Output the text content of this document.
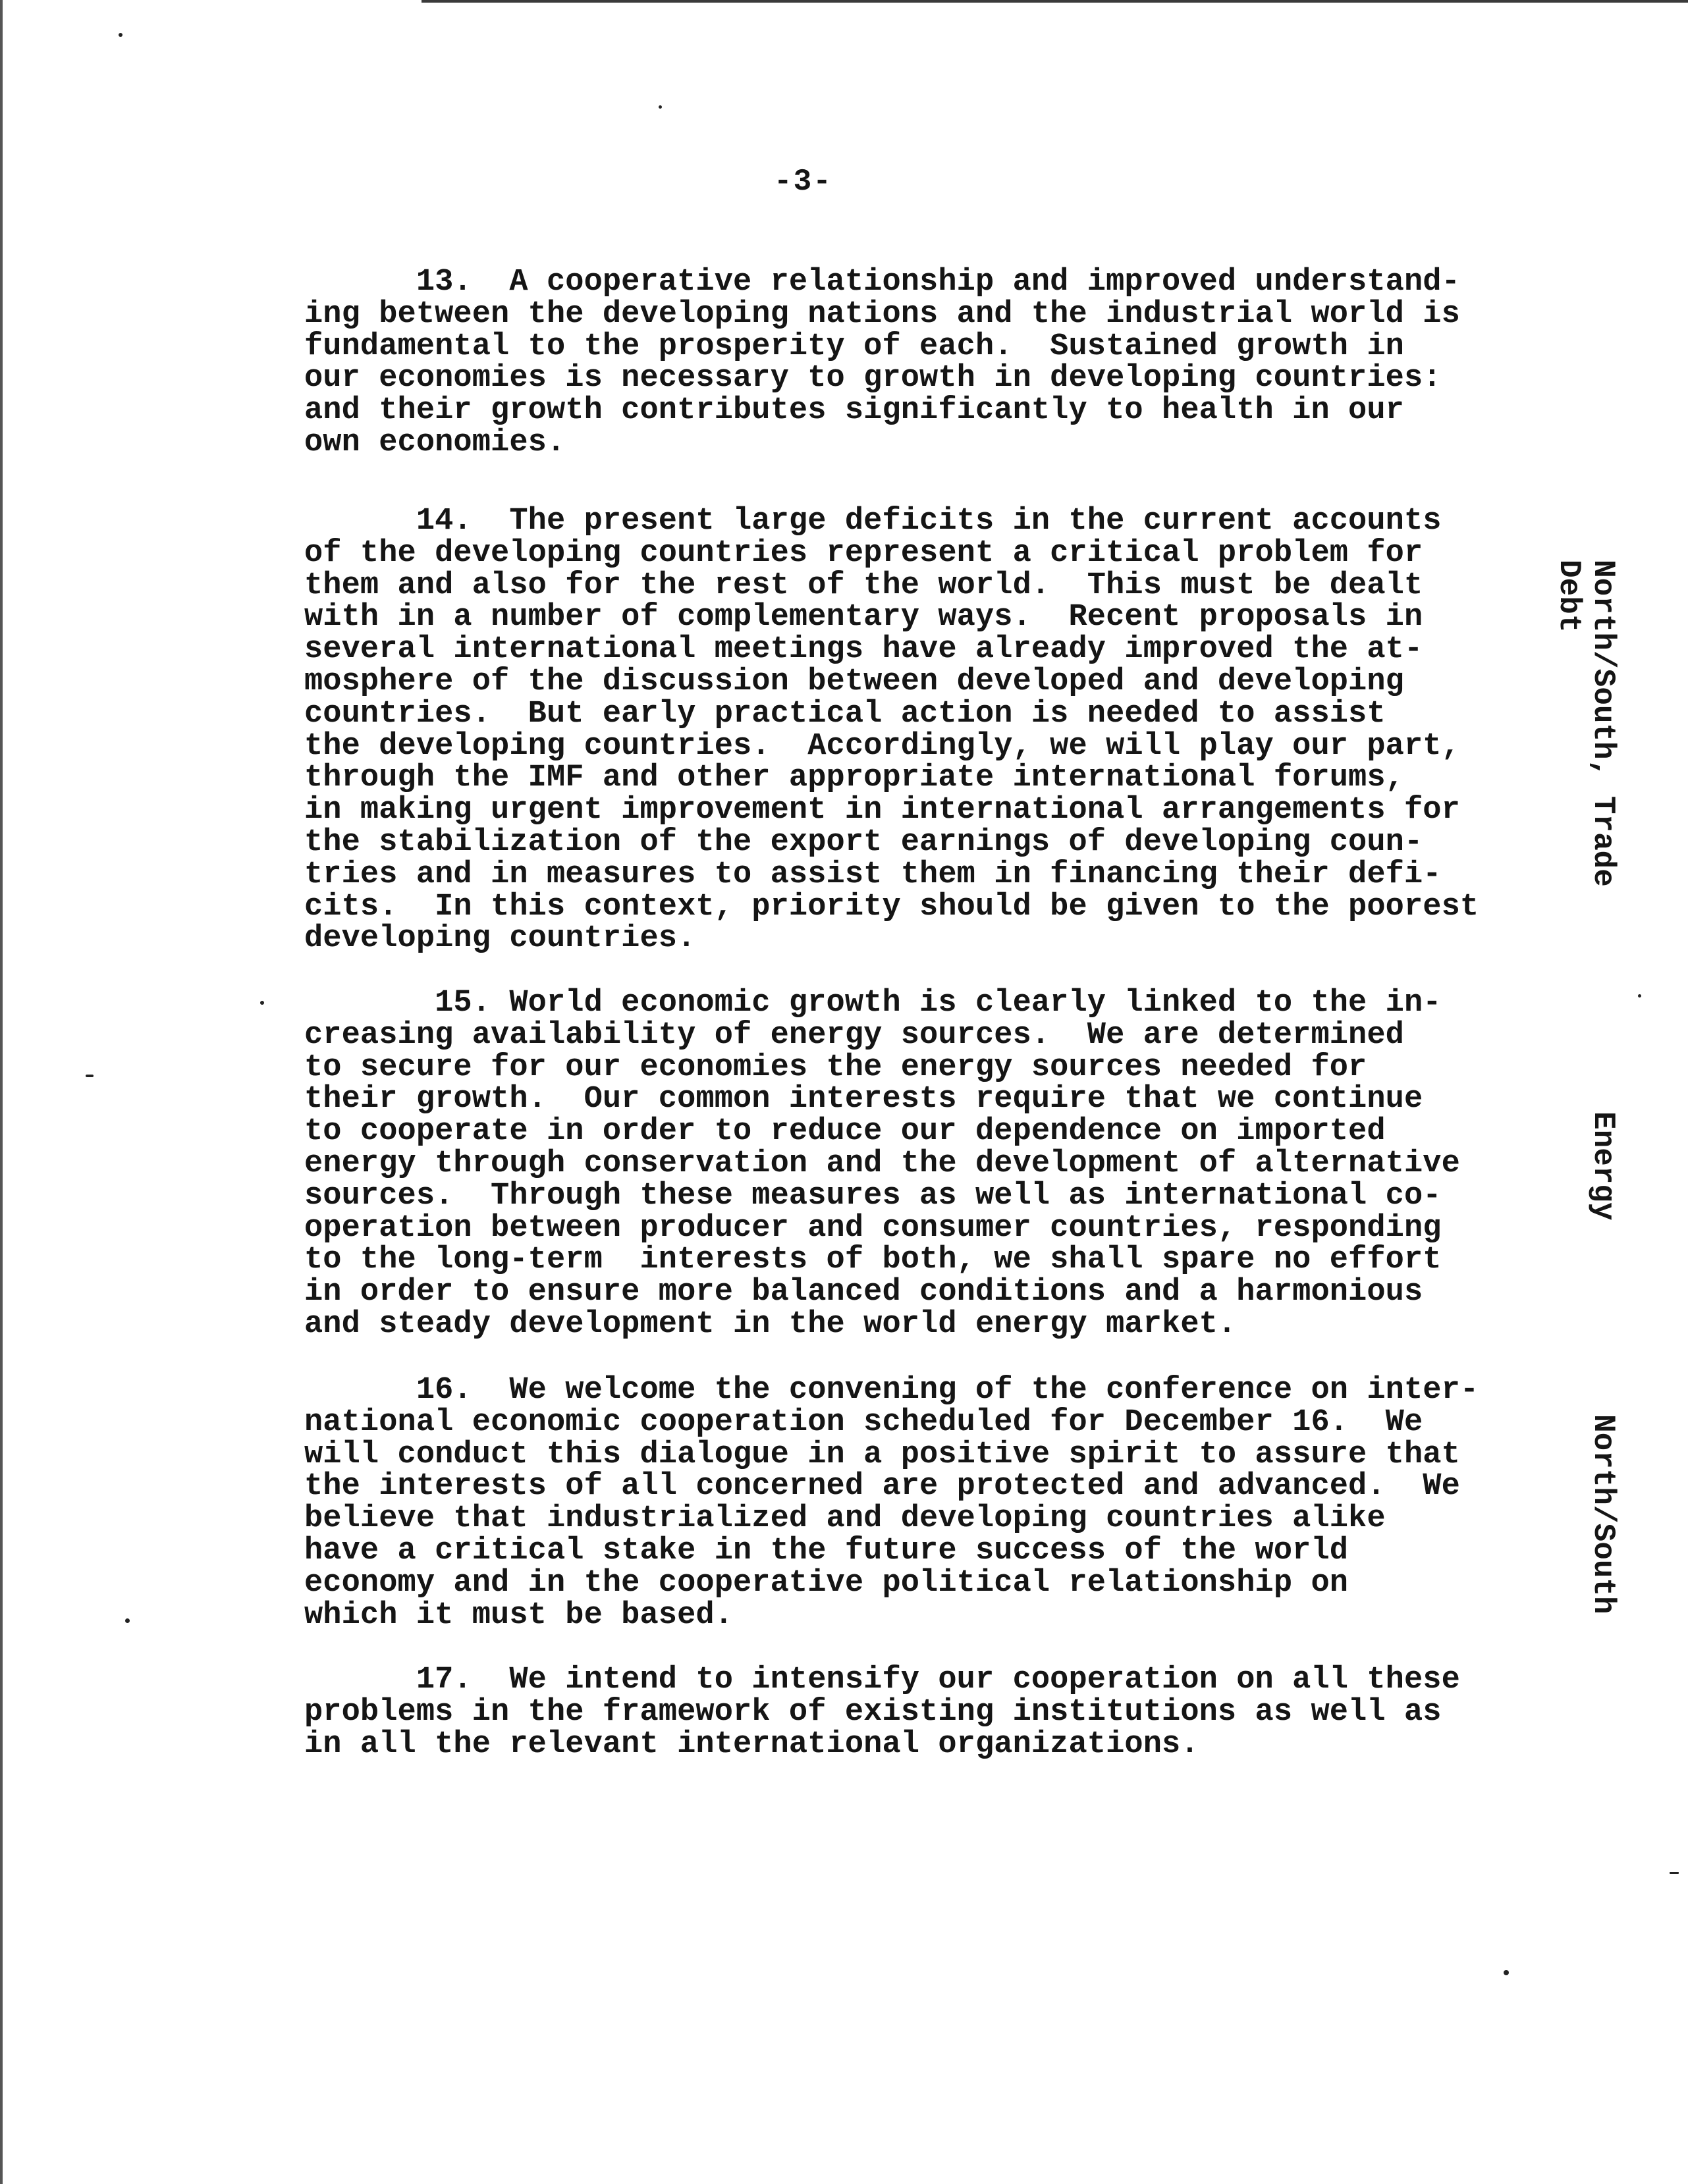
-3-

13.  A cooperative relationship and improved understand-
ing between the developing nations and the industrial world is
fundamental to the prosperity of each.  Sustained growth in
our economies is necessary to growth in developing countries:
and their growth contributes significantly to health in our
own economies.

14.  The present large deficits in the current accounts
of the developing countries represent a critical problem for
them and also for the rest of the world.  This must be dealt
with in a number of complementary ways.  Recent proposals in
several international meetings have already improved the at-
mosphere of the discussion between developed and developing
countries.  But early practical action is needed to assist
the developing countries.  Accordingly, we will play our part,
through the IMF and other appropriate international forums,
in making urgent improvement in international arrangements for
the stabilization of the export earnings of developing coun-
tries and in measures to assist them in financing their defi-
cits.  In this context, priority should be given to the poorest
developing countries.

15. World economic growth is clearly linked to the in-
creasing availability of energy sources.  We are determined
to secure for our economies the energy sources needed for
their growth.  Our common interests require that we continue
to cooperate in order to reduce our dependence on imported
energy through conservation and the development of alternative
sources.  Through these measures as well as international co-
operation between producer and consumer countries, responding
to the long-term  interests of both, we shall spare no effort
in order to ensure more balanced conditions and a harmonious
and steady development in the world energy market.

16.  We welcome the convening of the conference on inter-
national economic cooperation scheduled for December 16.  We
will conduct this dialogue in a positive spirit to assure that
the interests of all concerned are protected and advanced.  We
believe that industrialized and developing countries alike
have a critical stake in the future success of the world
economy and in the cooperative political relationship on
which it must be based.

17.  We intend to intensify our cooperation on all these
problems in the framework of existing institutions as well as
in all the relevant international organizations.

North/South, Trade
Debt

Energy

North/South
